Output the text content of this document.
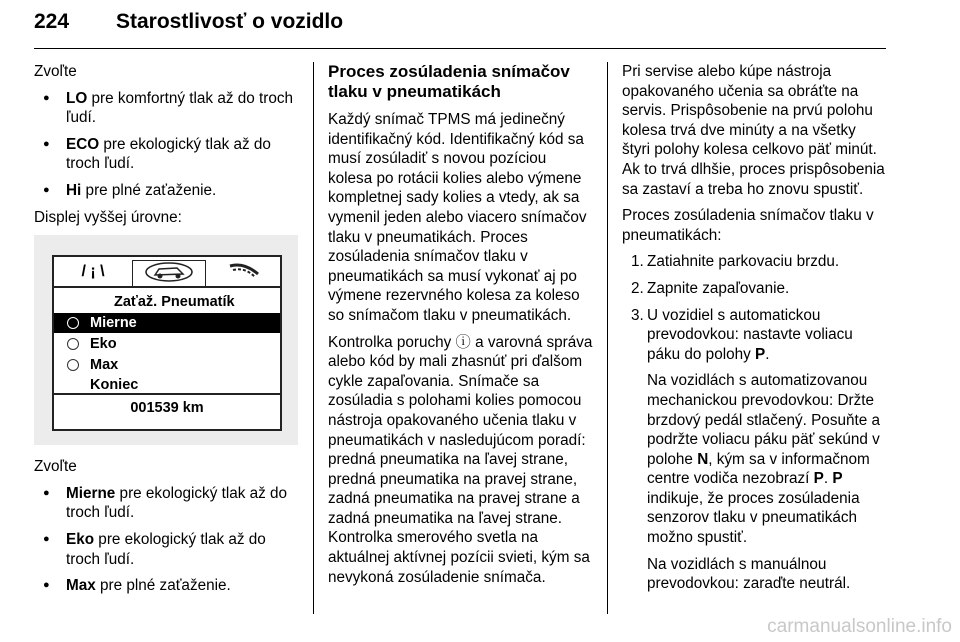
224 Starostlivosť o vozidlo

Zvoľte

● LO pre komfortný tlak až do troch ľudí.
● ECO pre ekologický tlak až do troch ľudí.
● Hi pre plné zaťaženie.

Displej vyššej úrovne:

/ ¡ \
Zaťaž. Pneumatík
Mierne
Eko
Max
Koniec
001539 km

Zvoľte

● Mierne pre ekologický tlak až do troch ľudí.
● Eko pre ekologický tlak až do troch ľudí.
● Max pre plné zaťaženie.
Proces zosúladenia snímačov tlaku v pneumatikách

Každý snímač TPMS má jedinečný identifikačný kód. Identifikačný kód sa musí zosúladiť s novou pozíciou kolesa po rotácii kolies alebo výmene kompletnej sady kolies a vtedy, ak sa vymenil jeden alebo viacero snímačov tlaku v pneumatikách. Proces zosúladenia snímačov tlaku v pneumatikách sa musí vykonať aj po výmene rezervného kolesa za koleso so snímačom tlaku v pneumatikách.

Kontrolka poruchy ⓘ a varovná správa alebo kód by mali zhasnúť pri ďalšom cykle zapaľovania. Snímače sa zosúladia s polohami kolies pomocou nástroja opakovaného učenia tlaku v pneumatikách v nasledujúcom poradí: predná pneumatika na ľavej strane, predná pneumatika na pravej strane, zadná pneumatika na pravej strane a zadná pneumatika na ľavej strane. Kontrolka smerového svetla na aktuálnej aktívnej pozícii svieti, kým sa nevykoná zosúladenie snímača.

Pri servise alebo kúpe nástroja opakovaného učenia sa obráťte na servis. Prispôsobenie na prvú polohu kolesa trvá dve minúty a na všetky štyri polohy kolesa celkovo päť minút. Ak to trvá dlhšie, proces prispôsobenia sa zastaví a treba ho znovu spustiť.

Proces zosúladenia snímačov tlaku v pneumatikách:

1. Zatiahnite parkovaciu brzdu.
2. Zapnite zapaľovanie.
3. U vozidiel s automatickou prevodovkou: nastavte voliacu páku do polohy P.
Na vozidlách s automatizovanou mechanickou prevodovkou: Držte brzdový pedál stlačený. Posuňte a podržte voliacu páku päť sekúnd v polohe N, kým sa v informačnom centre vodiča nezobrazí P. P indikuje, že proces zosúladenia senzorov tlaku v pneumatikách možno spustiť.
Na vozidlách s manuálnou prevodovkou: zaraďte neutrál.
carmanualsonline.info
